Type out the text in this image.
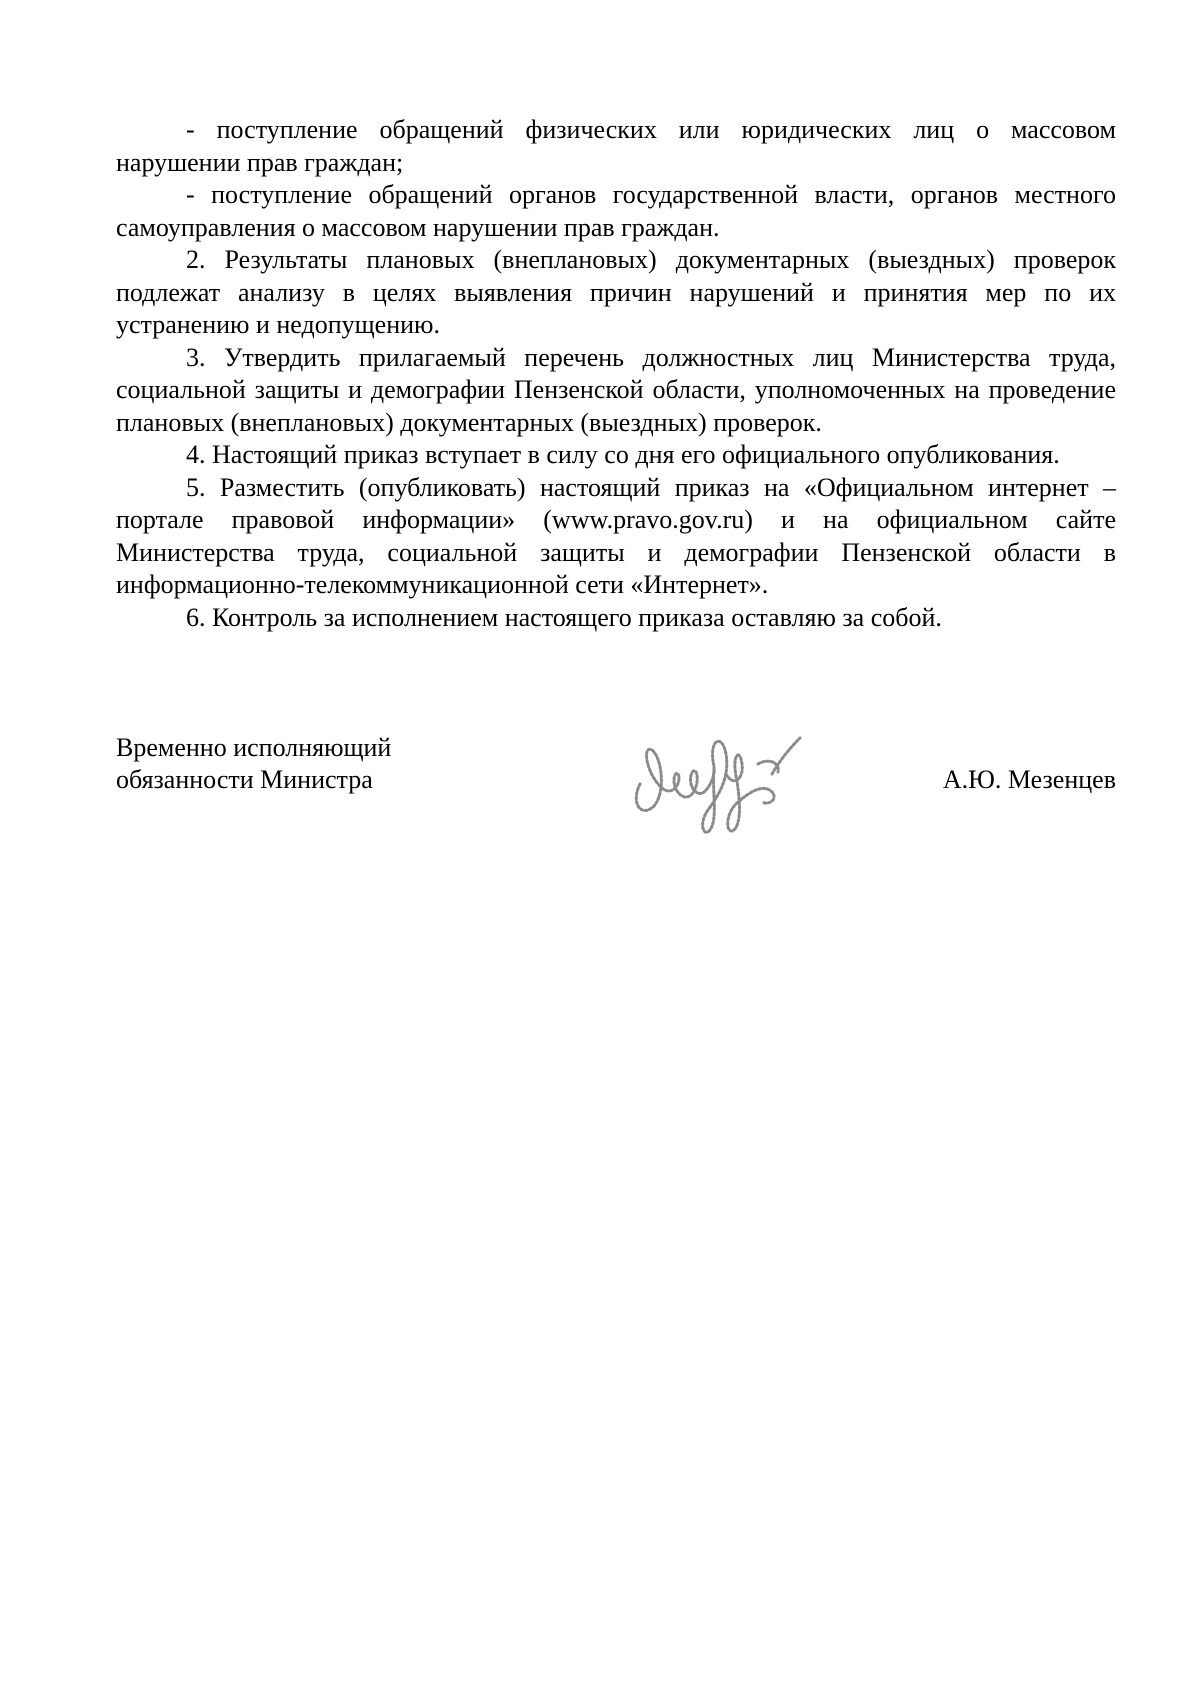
- поступление обращений физических или юридических лиц о массовом нарушении прав граждан;

- поступление обращений органов государственной власти, органов местного самоуправления о массовом нарушении прав граждан.

2. Результаты плановых (внеплановых) документарных (выездных) проверок подлежат анализу в целях выявления причин нарушений и принятия мер по их устранению и недопущению.

3. Утвердить прилагаемый перечень должностных лиц Министерства труда, социальной защиты и демографии Пензенской области, уполномоченных на проведение плановых (внеплановых) документарных (выездных) проверок.

4. Настоящий приказ вступает в силу со дня его официального опубликования.

5. Разместить (опубликовать) настоящий приказ на «Официальном интернет – портале правовой информации» (www.pravo.gov.ru) и на официальном сайте Министерства труда, социальной защиты и демографии Пензенской области в информационно-телекоммуникационной сети «Интернет».

6. Контроль за исполнением настоящего приказа оставляю за собой.

Временно исполняющий
обязанности Министра	А.Ю. Мезенцев
